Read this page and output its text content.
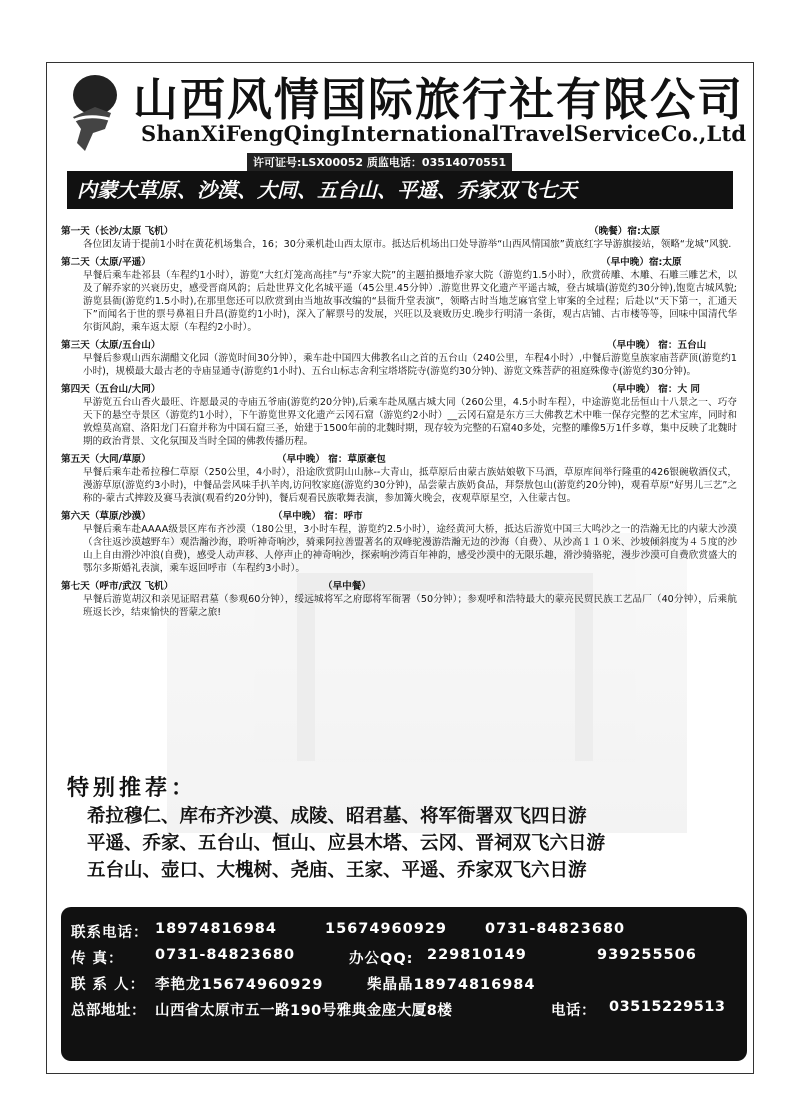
山西风情国际旅行社有限公司
ShanXiFengQingInternationalTravelServiceCo.,Ltd
许可证号:LSX00052 质监电话：03514070551
内蒙大草原、沙漠、大同、五台山、平遥、乔家双飞七天
第一天（长沙/太原 飞机）	（晚餐）宿:太原
各位团友请于提前1小时在黄花机场集合，16；30分乘机赴山西太原市。抵达后机场出口处导游举“山西风情国旅”黄底红字导游旗接站，领略“龙城”风貌.
第二天（太原/平遥）	（早中晚）宿:太原
早餐后乘车赴祁县（车程约1小时），游览“大红灯笼高高挂”与“乔家大院”的主题拍摄地乔家大院（游览约1.5小时），欣赏砖雕、木雕、石雕三雕艺术，以及了解乔家的兴衰历史，感受晋商风韵；后赴世界文化名城平遥（45公里.45分钟）.游览世界文化遗产平遥古城，登古城墙(游览约30分钟),饱览古城风貌;游览县衙(游览约1.5小时),在那里您还可以欣赏到由当地故事改编的“县衙升堂表演”，领略古时当地芝麻官堂上审案的全过程；后赴以“天下第一，汇通天下”而闻名于世的票号鼻祖日升昌(游览约1小时)，深入了解票号的发展，兴旺以及衰败历史.晚步行明清一条街，观古店铺、古市楼等等，回味中国清代华尔街风韵，乘车返太原（车程约2小时）。
第三天（太原/五台山）	（早中晚） 宿：五台山
早餐后参观山西东湖醋文化园（游览时间30分钟），乘车赴中国四大佛教名山之首的五台山（240公里，车程4小时）,中餐后游览皇族家庙菩萨顶(游览约1小时)，规模最大最古老的寺庙显通寺(游览约1小时)、五台山标志舍利宝塔塔院寺(游览约30分钟)、游览文殊菩萨的祖庭殊像寺(游览约30分钟)。
第四天（五台山/大同）	（早中晚） 宿：大 同
早游览五台山香火最旺、许愿最灵的寺庙五爷庙(游览约20分钟),后乘车赴凤凰古城大同（260公里，4.5小时车程），中途游览北岳恒山十八景之一、巧夺天下的悬空寺景区（游览约1小时），下午游览世界文化遗产云冈石窟（游览约2小时）__云冈石窟是东方三大佛教艺术中唯一保存完整的艺术宝库，同时和敦煌莫高窟、洛阳龙门石窟并称为中国石窟三圣，始建于1500年前的北魏时期，现存较为完整的石窟40多处，完整的雕像5万1仟多尊，集中反映了北魏时期的政治背景、文化氛围及当时全国的佛教传播历程。
第五天（大同/草原）	（早中晚） 宿：草原豪包
早餐后乘车赴希拉穆仁草原（250公里，4小时），沿途欣赏阴山山脉--大青山，抵草原后由蒙古族姑娘敬下马酒，草原库间举行隆重的426银碗敬酒仪式，漫游草原(游览约3小时)，中餐品尝风味手扒羊肉,访问牧家庭(游览约30分钟)，品尝蒙古族奶食品，拜祭敖包山(游览约20分钟)，观看草原“好男儿三艺”之称的-蒙古式摔跤及赛马表演(观看约20分钟)，餐后观看民族歌舞表演，参加篝火晚会，夜观草原星空，入住蒙古包。
第六天（草原/沙漠）	（早中晚） 宿：呼市
早餐后乘车赴AAAA级景区库布齐沙漠（180公里，3小时车程，游览约2.5小时），途经黄河大桥，抵达后游览中国三大鸣沙之一的浩瀚无比的内蒙大沙漠（含往返沙漠越野车）观浩瀚沙海，聆听神奇响沙，骑乘阿拉善盟著名的双峰驼漫游浩瀚无边的沙海（自费）、从沙高１１０米、沙坡倾斜度为４５度的沙山上自由滑沙冲浪(自费)，感受人动声移、人停声止的神奇响沙，探索响沙湾百年神韵，感受沙漠中的无限乐趣，滑沙骑骆驼，漫步沙漠可自费欣赏盛大的鄂尔多斯婚礼表演，乘车返回呼市（车程约3小时）。
第七天（呼市/武汉 飞机）	（早中餐）
早餐后游览胡汉和亲见证昭君墓（参观60分钟），绥远城将军之府邸将军衙署（50分钟）；参观呼和浩特最大的蒙亮民贸民族工艺品厂（40分钟），后乘航班返长沙，结束愉快的晋蒙之旅!
特别推荐：
希拉穆仁、库布齐沙漠、成陵、昭君墓、将军衙署双飞四日游
平遥、乔家、五台山、恒山、应县木塔、云冈、晋祠双飞六日游
五台山、壶口、大槐树、尧庙、王家、平遥、乔家双飞六日游
联系电话： 18974816984	15674960929	0731-84823680
传 真： 0731-84823680	办公QQ: 229810149	939255506
联 系 人： 李艳龙15674960929	柴晶晶18974816984
总部地址： 山西省太原市五一路190号雅典金座大厦8楼	电话： 03515229513
